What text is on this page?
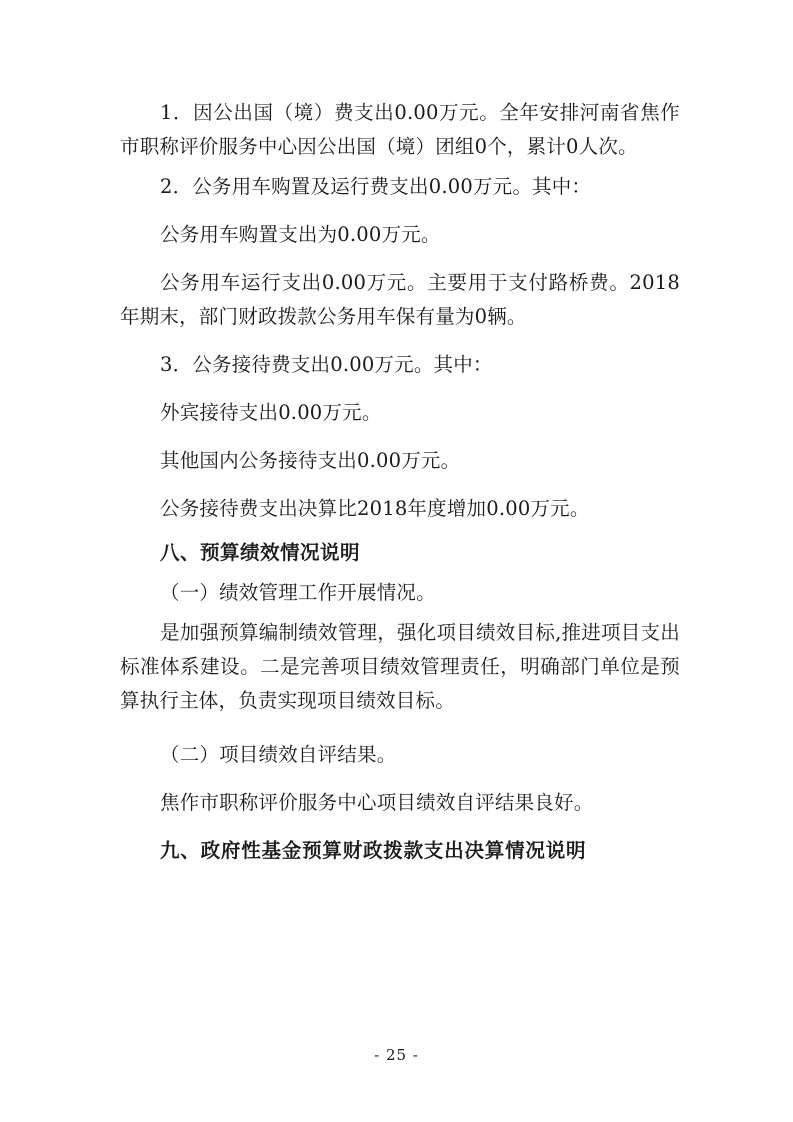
1．因公出国（境）费支出0.00万元。全年安排河南省焦作市职称评价服务中心因公出国（境）团组0个，累计0人次。

2．公务用车购置及运行费支出0.00万元。其中：

公务用车购置支出为0.00万元。

公务用车运行支出0.00万元。主要用于支付路桥费。2018年期末，部门财政拨款公务用车保有量为0辆。

3．公务接待费支出0.00万元。其中：

外宾接待支出0.00万元。

其他国内公务接待支出0.00万元。

公务接待费支出决算比2018年度增加0.00万元。

八、预算绩效情况说明

（一）绩效管理工作开展情况。

是加强预算编制绩效管理，强化项目绩效目标,推进项目支出标准体系建设。二是完善项目绩效管理责任，明确部门单位是预算执行主体，负责实现项目绩效目标。

（二）项目绩效自评结果。

焦作市职称评价服务中心项目绩效自评结果良好。

九、政府性基金预算财政拨款支出决算情况说明

- 25 -
